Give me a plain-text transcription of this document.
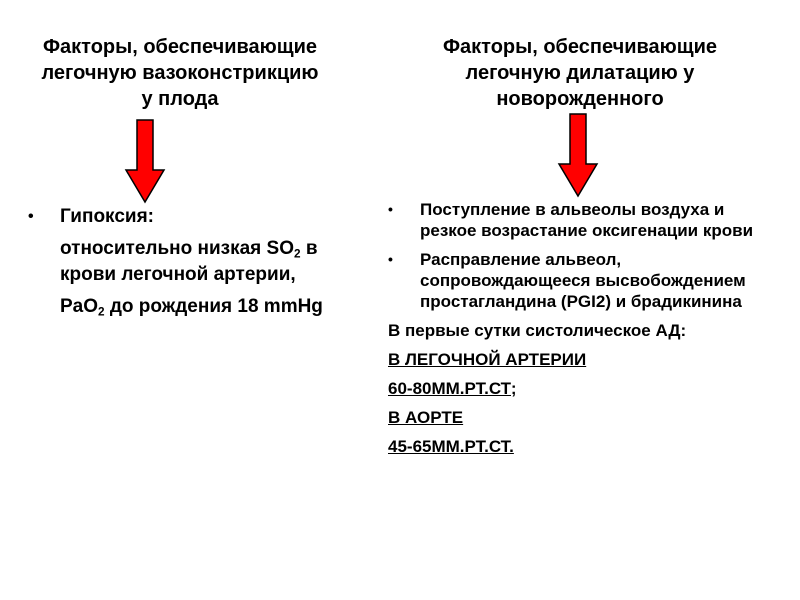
Факторы, обеспечивающие
легочную вазоконстрикцию
у плода
Факторы, обеспечивающие
легочную дилатацию у
новорожденного
•	Гипоксия:
относительно низкая $SO_2$ в
крови легочной артерии,
PaO$_2$ до рождения 18 mmHg
•	Поступление в альвеолы воздуха и резкое возрастание оксигенации крови
•	Расправление альвеол, сопровождающееся высвобождением простагландина (PGI2) и брадикинина
В первые сутки систолическое АД:
В ЛЕГОЧНОЙ АРТЕРИИ
60-80ММ.РТ.СТ;
В АОРТЕ
45-65ММ.РТ.СТ.
